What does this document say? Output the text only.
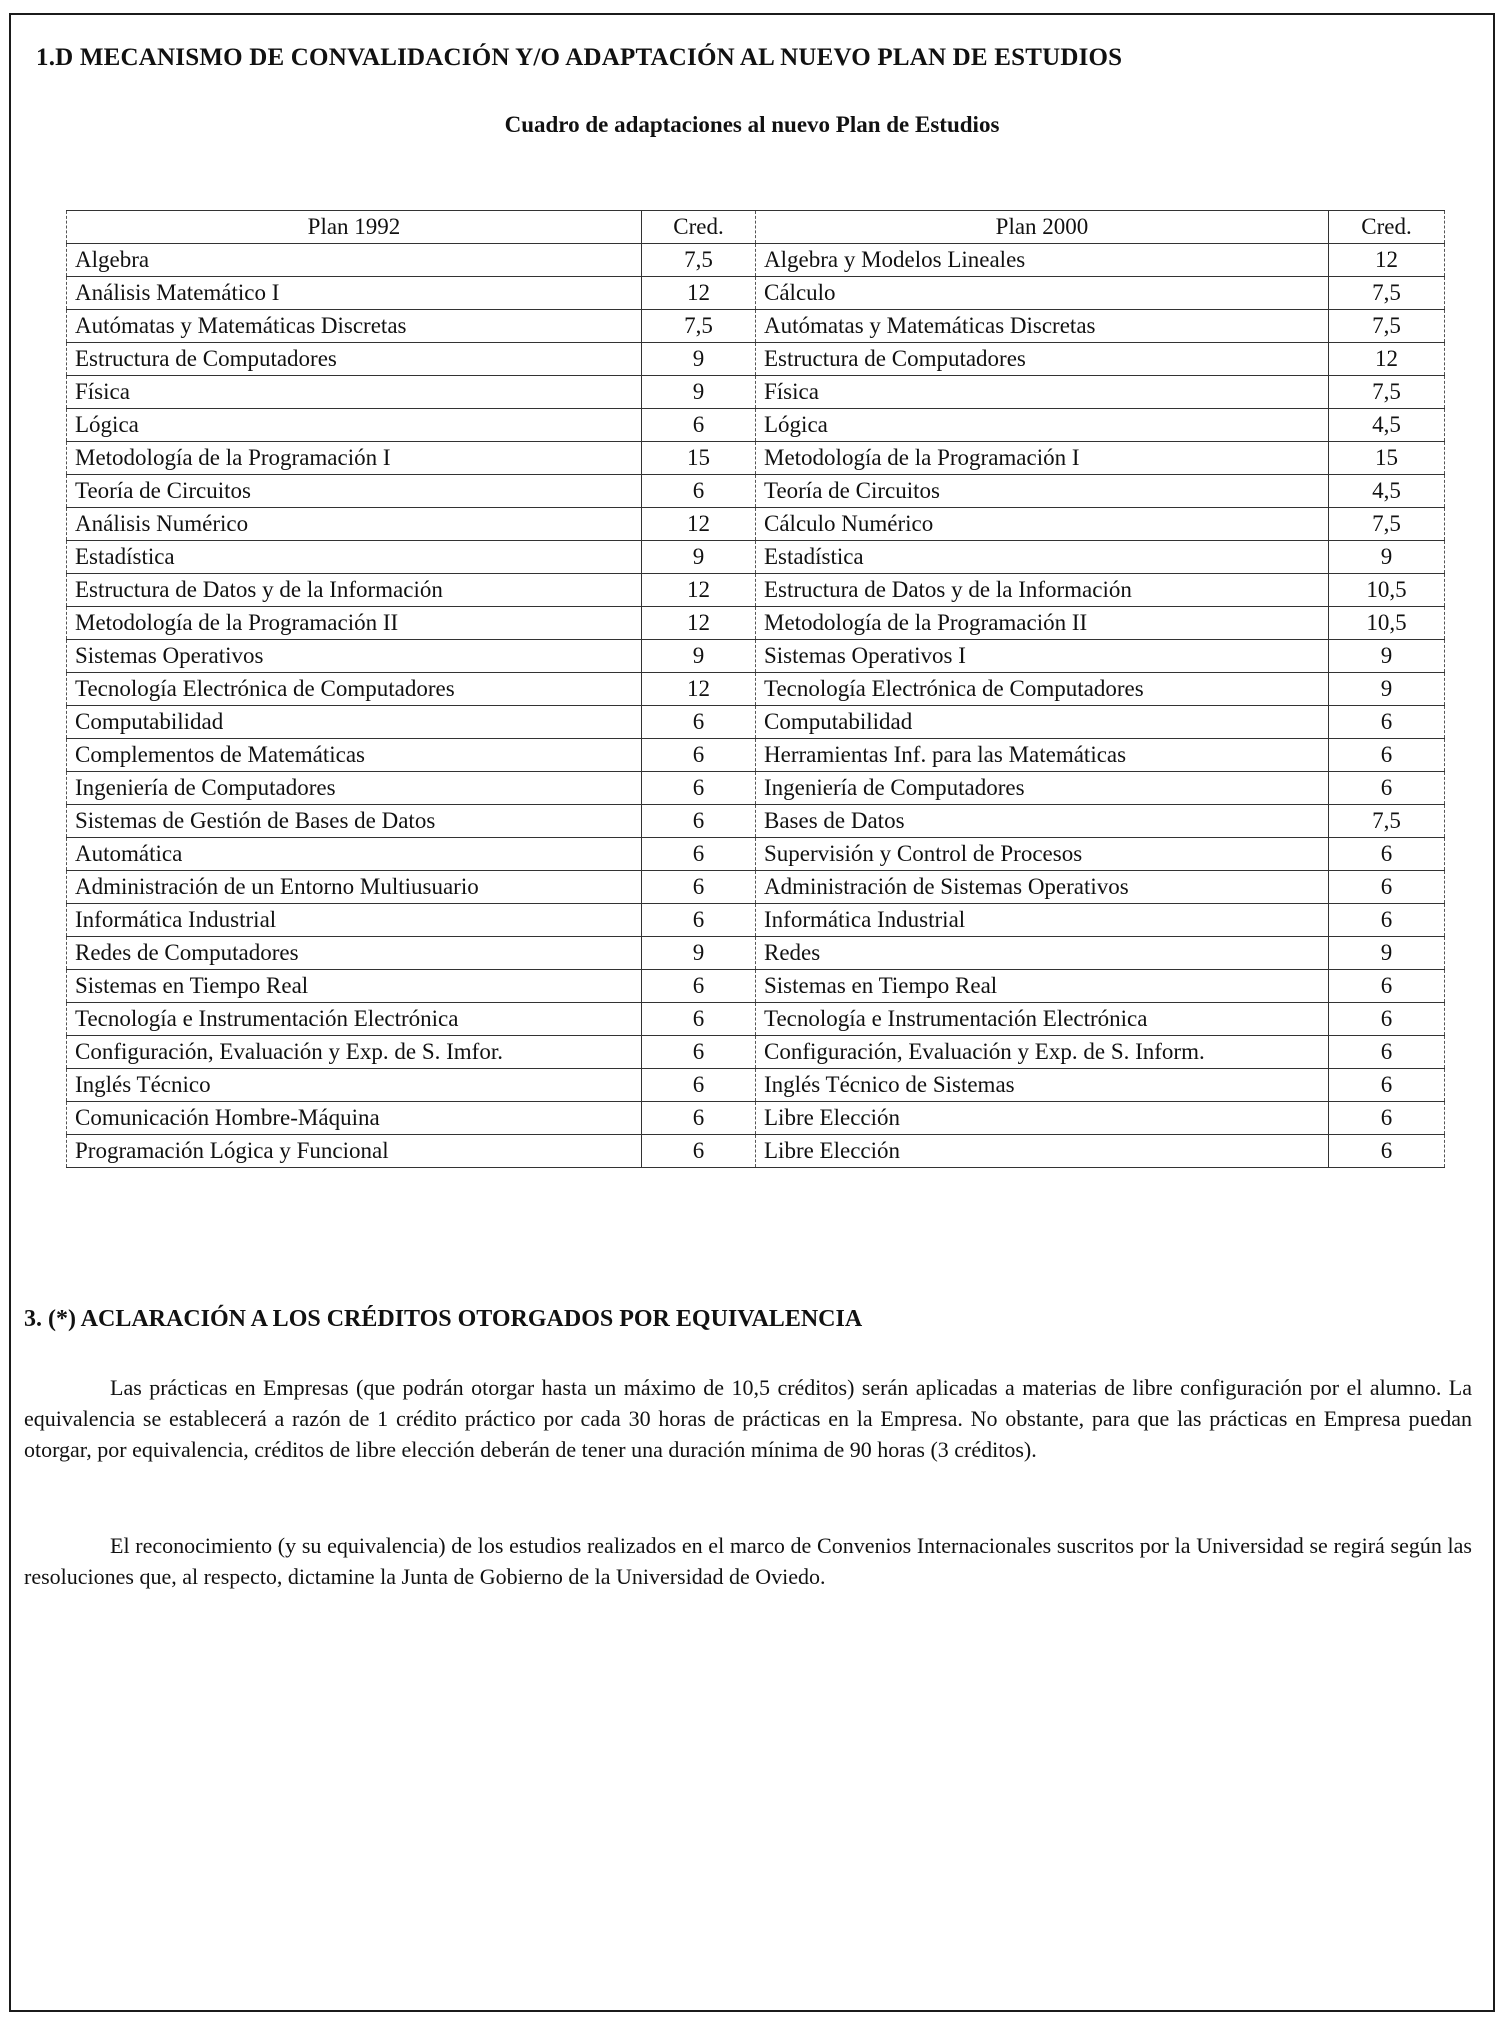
1.D MECANISMO DE CONVALIDACIÓN Y/O ADAPTACIÓN AL NUEVO PLAN DE ESTUDIOS
Cuadro de adaptaciones al nuevo Plan de Estudios
Plan 1992	Cred.	Plan 2000	Cred.
Algebra	7,5	Algebra y Modelos Lineales	12
Análisis Matemático I	12	Cálculo	7,5
Autómatas y Matemáticas Discretas	7,5	Autómatas y Matemáticas Discretas	7,5
Estructura de Computadores	9	Estructura de Computadores	12
Física	9	Física	7,5
Lógica	6	Lógica	4,5
Metodología de la Programación I	15	Metodología de la Programación I	15
Teoría de Circuitos	6	Teoría de Circuitos	4,5
Análisis Numérico	12	Cálculo Numérico	7,5
Estadística	9	Estadística	9
Estructura de Datos y de la Información	12	Estructura de Datos y de la Información	10,5
Metodología de la Programación II	12	Metodología de la Programación II	10,5
Sistemas Operativos	9	Sistemas Operativos I	9
Tecnología Electrónica de Computadores	12	Tecnología Electrónica de Computadores	9
Computabilidad	6	Computabilidad	6
Complementos de Matemáticas	6	Herramientas Inf. para las Matemáticas	6
Ingeniería de Computadores	6	Ingeniería de Computadores	6
Sistemas de Gestión de Bases de Datos	6	Bases de Datos	7,5
Automática	6	Supervisión y Control de Procesos	6
Administración de un Entorno Multiusuario	6	Administración de Sistemas Operativos	6
Informática Industrial	6	Informática Industrial	6
Redes de Computadores	9	Redes	9
Sistemas en Tiempo Real	6	Sistemas en Tiempo Real	6
Tecnología e Instrumentación Electrónica	6	Tecnología e Instrumentación Electrónica	6
Configuración, Evaluación y Exp. de S. Imfor.	6	Configuración, Evaluación y Exp. de S. Inform.	6
Inglés Técnico	6	Inglés Técnico de Sistemas	6
Comunicación Hombre-Máquina	6	Libre Elección	6
Programación Lógica y Funcional	6	Libre Elección	6
3. (*) ACLARACIÓN A LOS CRÉDITOS OTORGADOS POR EQUIVALENCIA

Las prácticas en Empresas (que podrán otorgar hasta un máximo de 10,5 créditos) serán aplicadas a materias de libre configuración por el alumno. La equivalencia se establecerá a razón de 1 crédito práctico por cada 30 horas de prácticas en la Empresa. No obstante, para que las prácticas en Empresa puedan otorgar, por equivalencia, créditos de libre elección deberán de tener una duración mínima de 90 horas (3 créditos).

El reconocimiento (y su equivalencia) de los estudios realizados en el marco de Convenios Internacionales suscritos por la Universidad se regirá según las resoluciones que, al respecto, dictamine la Junta de Gobierno de la Universidad de Oviedo.
